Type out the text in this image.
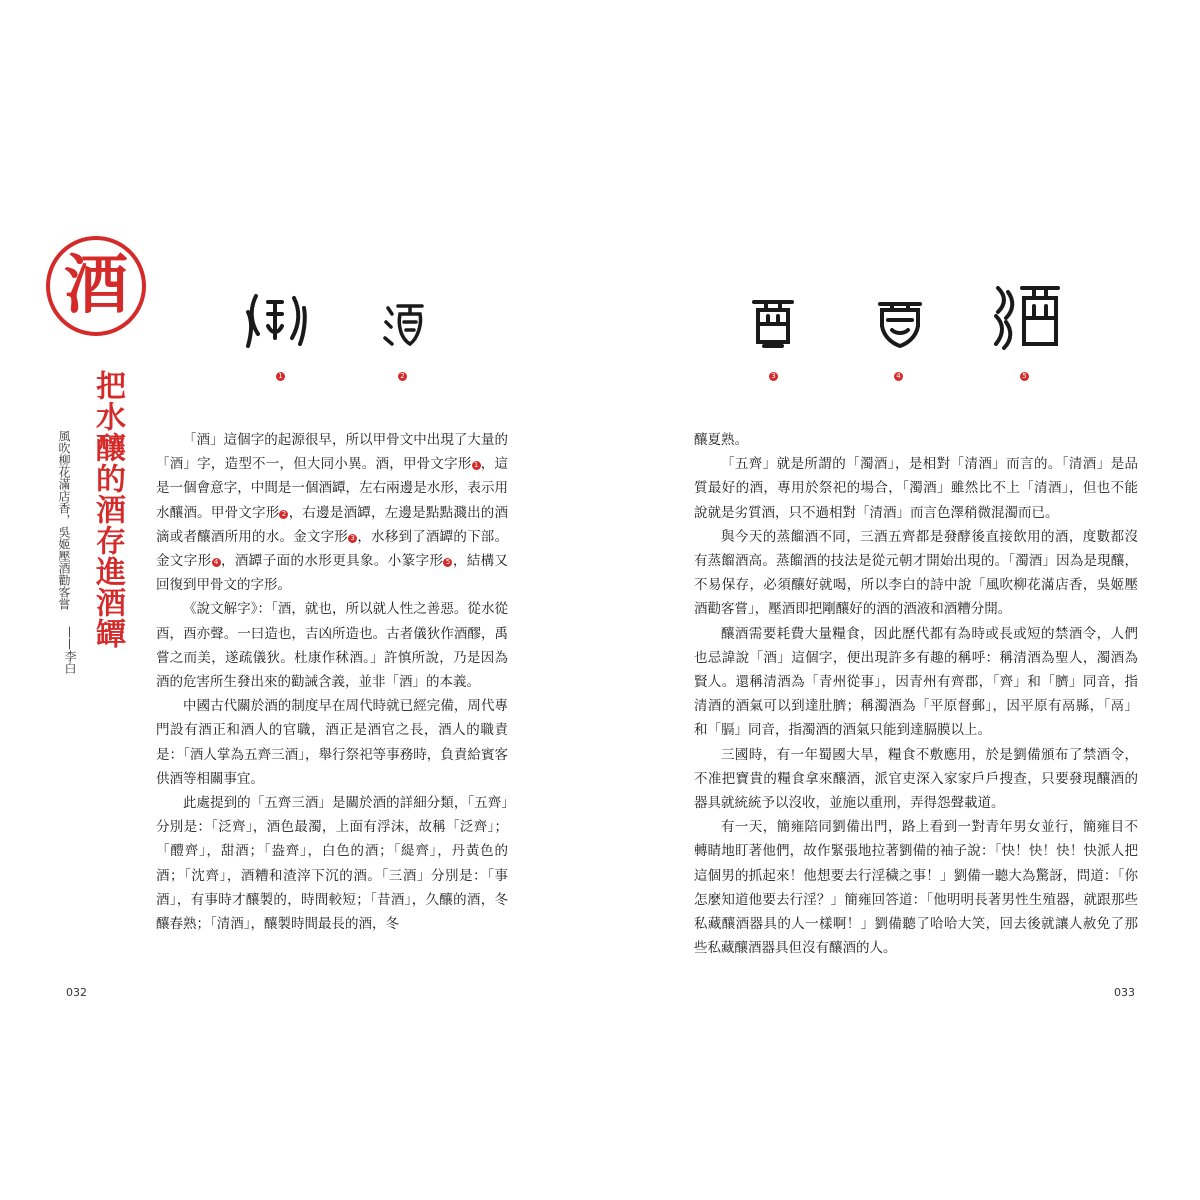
酒
把水釀的酒存進酒罈
風吹柳花滿店香，吳姬壓酒勸客嘗
——李白
1	2

「酒」這個字的起源很早，所以甲骨文中出現了大量的「酒」字，造型不一，但大同小異。酒，甲骨文字形 1 ，這是一個會意字，中間是一個酒罈，左右兩邊是水形，表示用水釀酒。甲骨文字形 2 ，右邊是酒罈，左邊是點點濺出的酒滴或者釀酒所用的水。金文字形 3 ，水移到了酒罈的下部。金文字形 4 ，酒罈子面的水形更具象。小篆字形 5 ，結構又回復到甲骨文的字形。

《說文解字》：「酒，就也，所以就人性之善惡。從水從酉，酉亦聲。一曰造也，吉凶所造也。古者儀狄作酒醪，禹嘗之而美，遂疏儀狄。杜康作秫酒。」許慎所說，乃是因為酒的危害所生發出來的勸誡含義，並非「酒」的本義。

中國古代關於酒的制度早在周代時就已經完備，周代專門設有酒正和酒人的官職，酒正是酒官之長，酒人的職責是：「酒人掌為五齊三酒」，舉行祭祀等事務時，負責給賓客供酒等相關事宜。

此處提到的「五齊三酒」是關於酒的詳細分類，「五齊」分別是：「泛齊」，酒色最濁，上面有浮沫，故稱「泛齊」；「醴齊」，甜酒；「盎齊」，白色的酒；「緹齊」，丹黃色的酒；「沈齊」，酒糟和渣滓下沉的酒。「三酒」分別是：「事酒」，有事時才釀製的，時間較短；「昔酒」，久釀的酒，冬釀春熟；「清酒」，釀製時間最長的酒，冬

032
3	4	5

釀夏熟。

「五齊」就是所謂的「濁酒」，是相對「清酒」而言的。「清酒」是品質最好的酒，專用於祭祀的場合，「濁酒」雖然比不上「清酒」，但也不能說就是劣質酒，只不過相對「清酒」而言色澤稍微混濁而已。

與今天的蒸餾酒不同，三酒五齊都是發酵後直接飲用的酒，度數都沒有蒸餾酒高。蒸餾酒的技法是從元朝才開始出現的。「濁酒」因為是現釀，不易保存，必須釀好就喝，所以李白的詩中說「風吹柳花滿店香，吳姬壓酒勸客嘗」，壓酒即把剛釀好的酒的酒液和酒糟分開。

釀酒需要耗費大量糧食，因此歷代都有為時或長或短的禁酒令，人們也忌諱說「酒」這個字，便出現許多有趣的稱呼：稱清酒為聖人，濁酒為賢人。還稱清酒為「青州從事」，因青州有齊郡，「齊」和「臍」同音，指清酒的酒氣可以到達肚臍；稱濁酒為「平原督郵」，因平原有鬲縣，「鬲」和「膈」同音，指濁酒的酒氣只能到達膈膜以上。

三國時，有一年蜀國大旱，糧食不敷應用，於是劉備頒布了禁酒令，不准把寶貴的糧食拿來釀酒，派官吏深入家家戶戶搜查，只要發現釀酒的器具就統統予以沒收，並施以重刑，弄得怨聲載道。

有一天，簡雍陪同劉備出門，路上看到一對青年男女並行，簡雍目不轉睛地盯著他們，故作緊張地拉著劉備的袖子說：「快！快！快！快派人把這個男的抓起來！他想要去行淫穢之事！」劉備一聽大為驚訝，問道：「你怎麼知道他要去行淫？」簡雍回答道：「他明明長著男性生殖器，就跟那些私藏釀酒器具的人一樣啊！」劉備聽了哈哈大笑，回去後就讓人赦免了那些私藏釀酒器具但沒有釀酒的人。

033
